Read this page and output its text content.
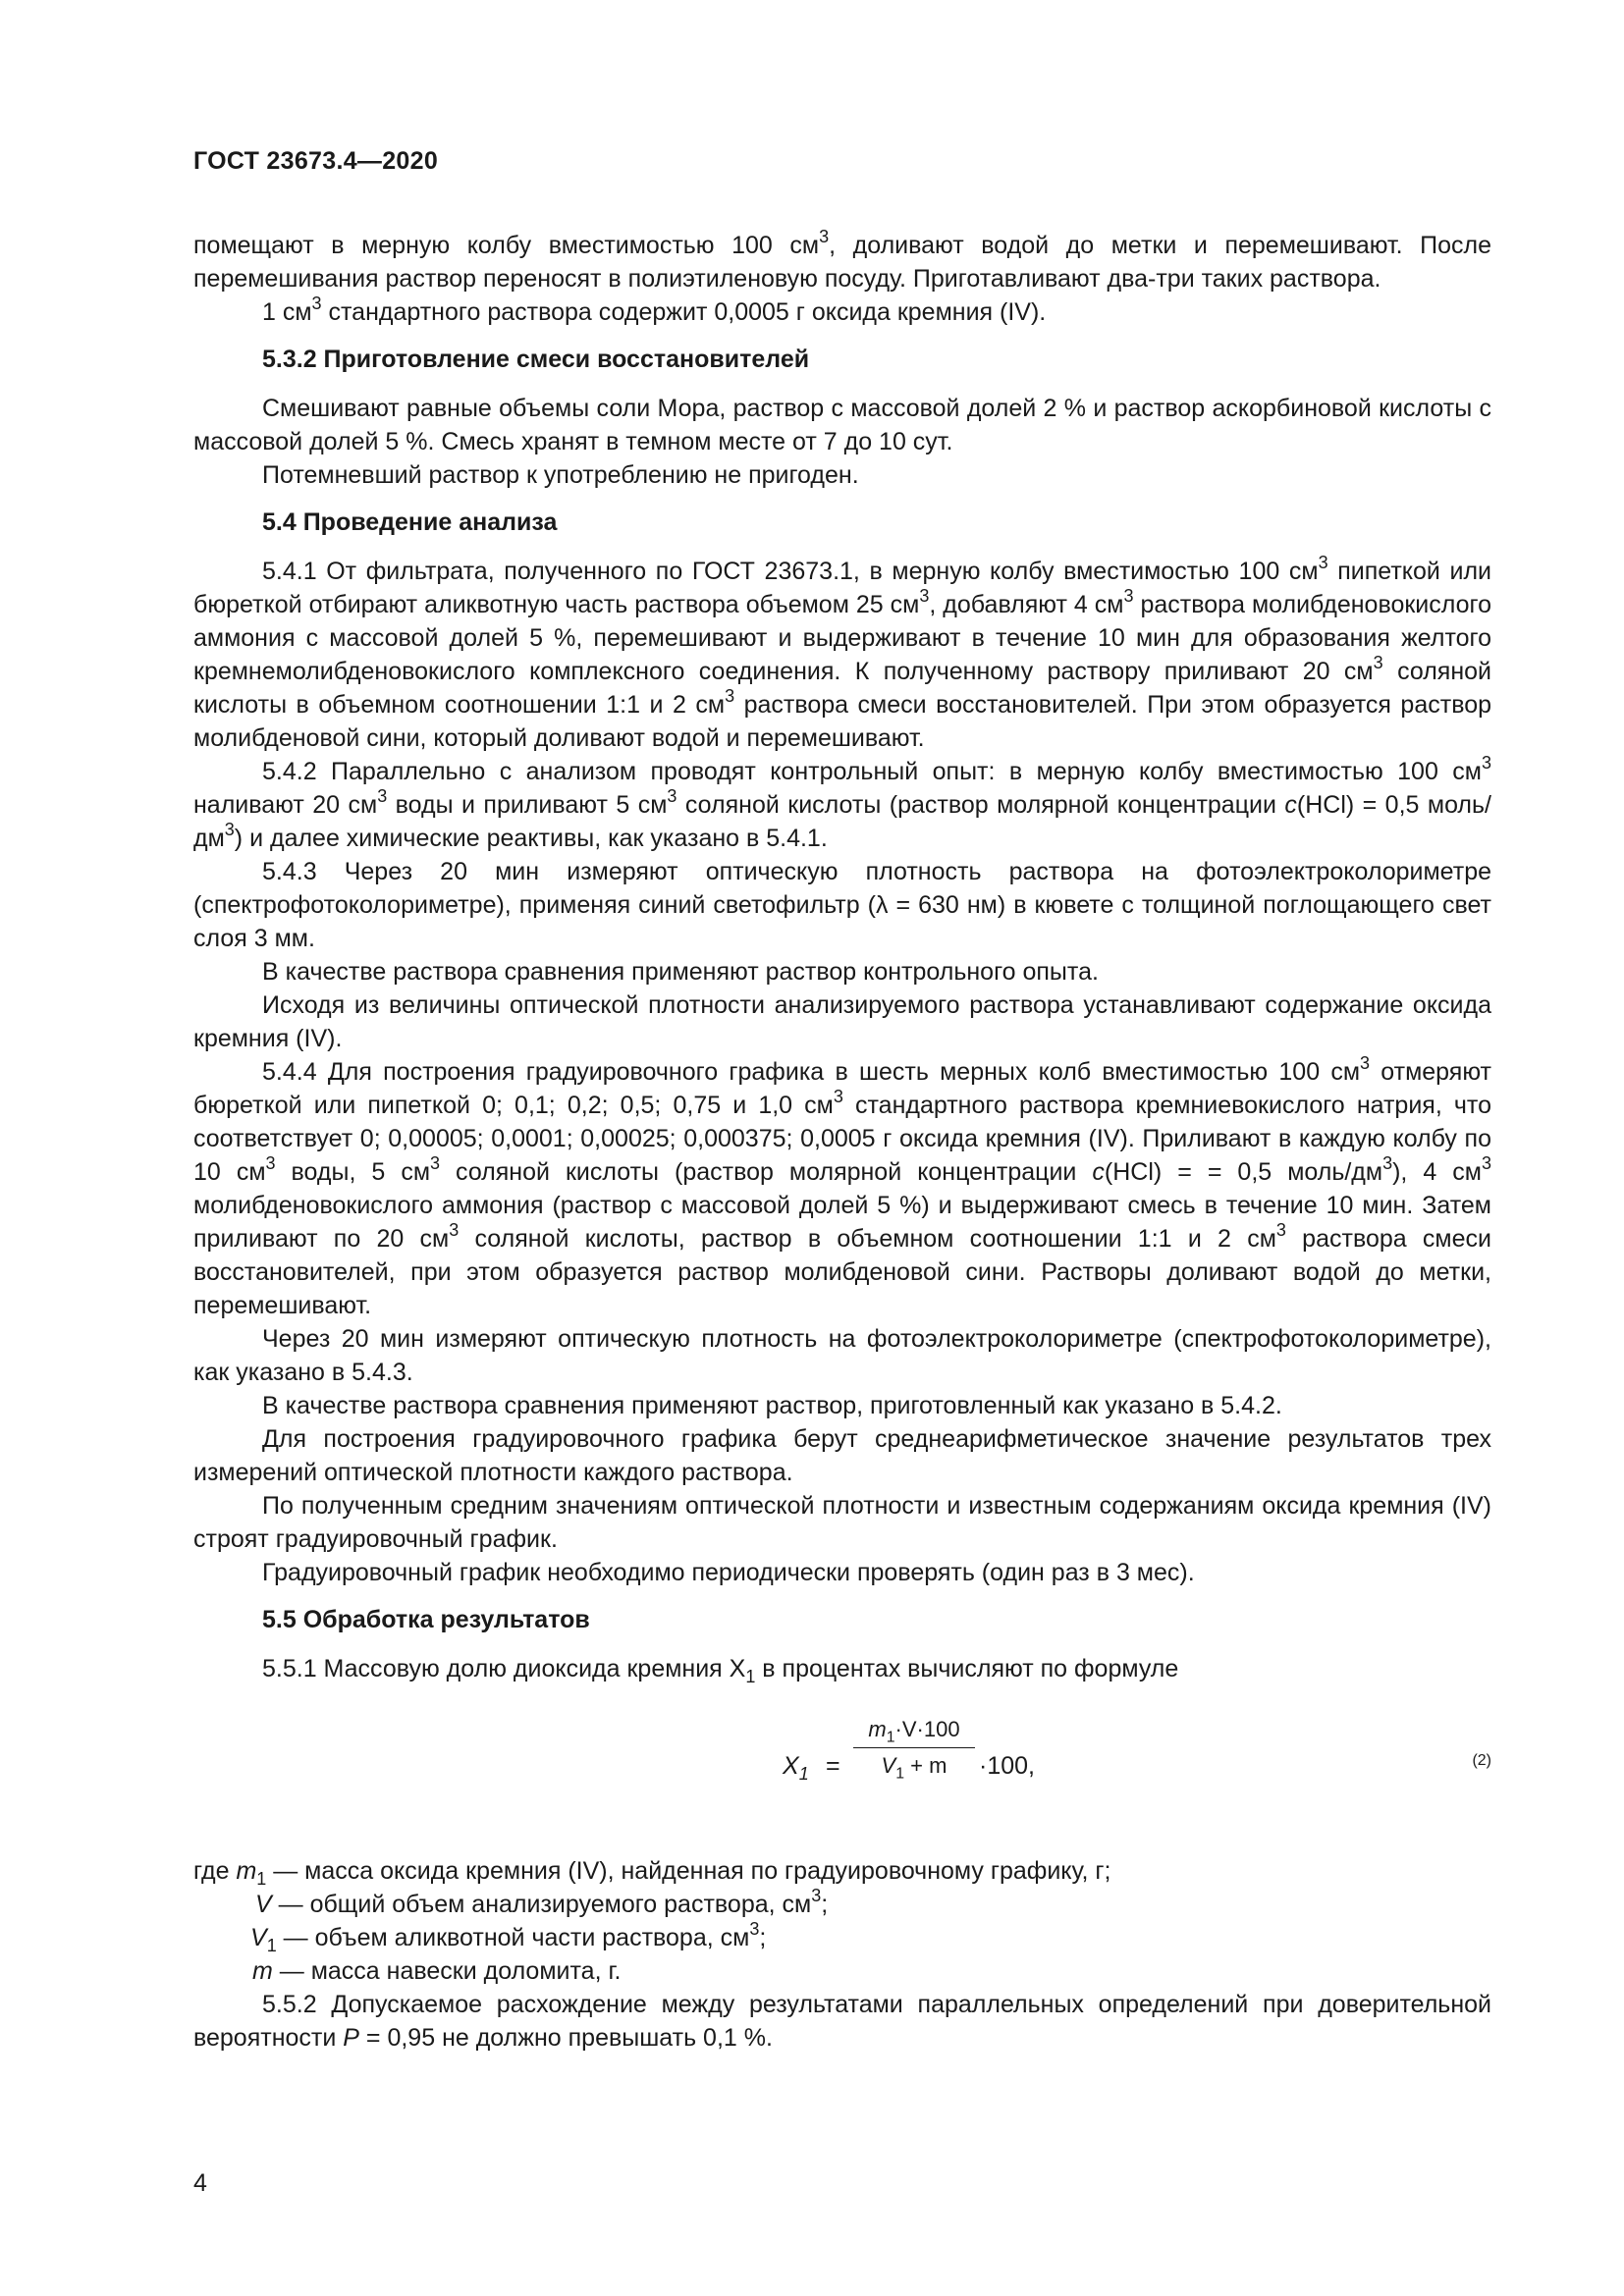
ГОСТ 23673.4—2020

помещают в мерную колбу вместимостью 100 $см^3$, доливают водой до метки и перемешивают. После перемешивания раствор переносят в полиэтиленовую посуду. Приготавливают два-три таких раствора.

1 $см^3$ стандартного раствора содержит 0,0005 г оксида кремния (IV).

5.3.2 Приготовление смеси восстановителей

Смешивают равные объемы соли Мора, раствор с массовой долей 2 % и раствор аскорбиновой кислоты с массовой долей 5 %. Смесь хранят в темном месте от 7 до 10 сут.

Потемневший раствор к употреблению не пригоден.

5.4 Проведение анализа

5.4.1 От фильтрата, полученного по ГОСТ 23673.1, в мерную колбу вместимостью 100 $см^3$ пипеткой или бюреткой отбирают аликвотную часть раствора объемом 25 $см^3$, добавляют 4 $см^3$ раствора молибденовокислого аммония с массовой долей 5 %, перемешивают и выдерживают в течение 10 мин для образования желтого кремнемолибденовокислого комплексного соединения. К полученному раствору приливают 20 $см^3$ соляной кислоты в объемном соотношении 1:1 и 2 $см^3$ раствора смеси восстановителей. При этом образуется раствор молибденовой сини, который доливают водой и перемешивают.

5.4.2 Параллельно с анализом проводят контрольный опыт: в мерную колбу вместимостью 100 $см^3$ наливают 20 $см^3$ воды и приливают 5 $см^3$ соляной кислоты (раствор молярной концентрации c(HCl) = 0,5 моль/$дм^3$) и далее химические реактивы, как указано в 5.4.1.

5.4.3 Через 20 мин измеряют оптическую плотность раствора на фотоэлектроколориметре (спектрофотоколориметре), применяя синий светофильтр (λ = 630 нм) в кювете с толщиной поглощающего свет слоя 3 мм.

В качестве раствора сравнения применяют раствор контрольного опыта.

Исходя из величины оптической плотности анализируемого раствора устанавливают содержание оксида кремния (IV).

5.4.4 Для построения градуировочного графика в шесть мерных колб вместимостью 100 $см^3$ отмеряют бюреткой или пипеткой 0; 0,1; 0,2; 0,5; 0,75 и 1,0 $см^3$ стандартного раствора кремниевокислого натрия, что соответствует 0; 0,00005; 0,0001; 0,00025; 0,000375; 0,0005 г оксида кремния (IV). Приливают в каждую колбу по 10 $см^3$ воды, 5 $см^3$ соляной кислоты (раствор молярной концентрации c(HCl) = = 0,5 моль/$дм^3$), 4 $см^3$ молибденовокислого аммония (раствор с массовой долей 5 %) и выдерживают смесь в течение 10 мин. Затем приливают по 20 $см^3$ соляной кислоты, раствор в объемном соотношении 1:1 и 2 $см^3$ раствора смеси восстановителей, при этом образуется раствор молибденовой сини. Растворы доливают водой до метки, перемешивают.

Через 20 мин измеряют оптическую плотность на фотоэлектроколориметре (спектрофотоколориметре), как указано в 5.4.3.

В качестве раствора сравнения применяют раствор, приготовленный как указано в 5.4.2.

Для построения градуировочного графика берут среднеарифметическое значение результатов трех измерений оптической плотности каждого раствора.

По полученным средним значениям оптической плотности и известным содержаниям оксида кремния (IV) строят градуировочный график.

Градуировочный график необходимо периодически проверять (один раз в 3 мес).

5.5 Обработка результатов

5.5.1 Массовую долю диоксида кремния $X_1$ в процентах вычисляют по формуле

$X_1$ =
$m_1\cdot V\cdot 100$
$V_1 + m$	·100,	(2)
где $m_1$ — масса оксида кремния (IV), найденная по градуировочному графику, г;
V — общий объем анализируемого раствора, $см^3$;
$V_1$ — объем аликвотной части раствора, $см^3$;
m — масса навески доломита, г.

5.5.2 Допускаемое расхождение между результатами параллельных определений при доверительной вероятности P = 0,95 не должно превышать 0,1 %.

4
